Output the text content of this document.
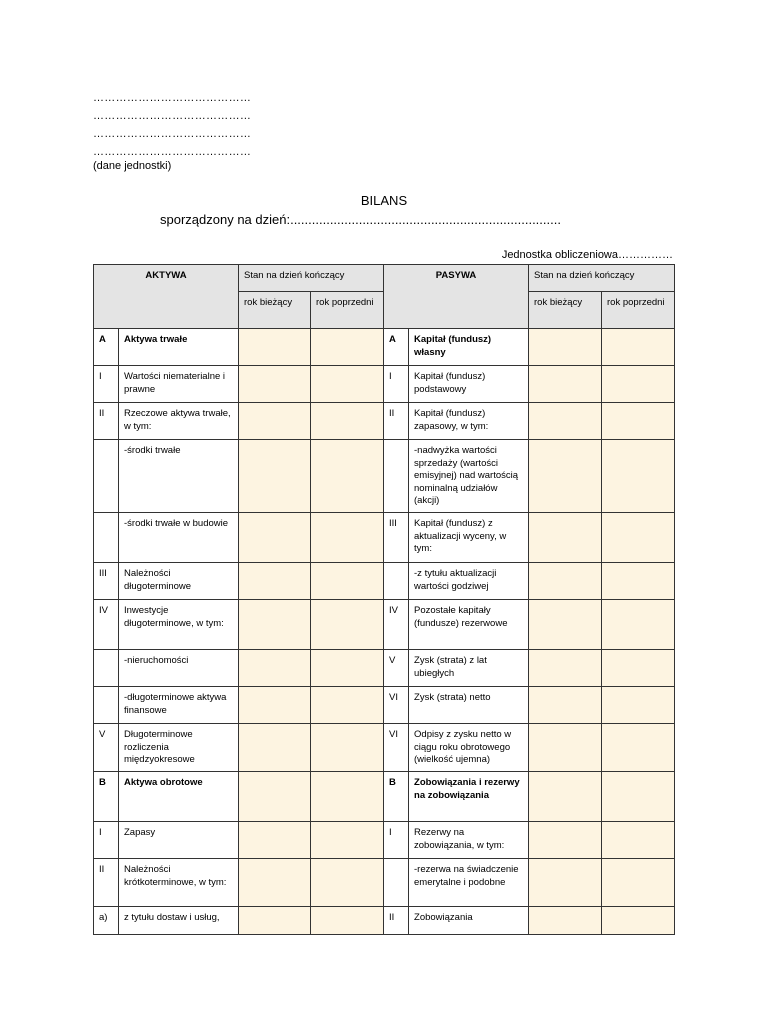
……………………………………
……………………………………
……………………………………
……………………………………
(dane jednostki)
BILANS
sporządzony na dzień:...........................................................................
Jednostka obliczeniowa……………
AKTYWA		Stan na dzień kończący		PASYWA		Stan na dzień kończący	
		rok bieżący	rok poprzedni			rok bieżący	rok poprzedni
A	Aktywa trwałe			A	Kapitał (fundusz) własny		
I	Wartości niematerialne i prawne			I	Kapitał (fundusz) podstawowy		
II	Rzeczowe aktywa trwałe, w tym:			II	Kapitał (fundusz) zapasowy, w tym:		
	-środki trwałe				-nadwyżka wartości sprzedaży (wartości emisyjnej) nad wartością nominalną udziałów (akcji)		
	-środki trwałe w budowie			III	Kapitał (fundusz) z aktualizacji wyceny, w tym:		
III	Należności długoterminowe				-z tytułu aktualizacji wartości godziwej		
IV	Inwestycje długoterminowe, w tym:			IV	Pozostałe kapitały (fundusze) rezerwowe		
	-nieruchomości			V	Zysk (strata) z lat ubiegłych		
	-długoterminowe aktywa finansowe			VI	Zysk (strata) netto		
V	Długoterminowe rozliczenia międzyokresowe			VI	Odpisy z zysku netto w ciągu roku obrotowego (wielkość ujemna)		
B	Aktywa obrotowe			B	Zobowiązania i rezerwy na zobowiązania		
I	Zapasy			I	Rezerwy na zobowiązania, w tym:		
II	Należności krótkoterminowe, w tym:				-rezerwa na świadczenie emerytalne i podobne		
a)	z tytułu dostaw i usług,			II	Zobowiązania		
